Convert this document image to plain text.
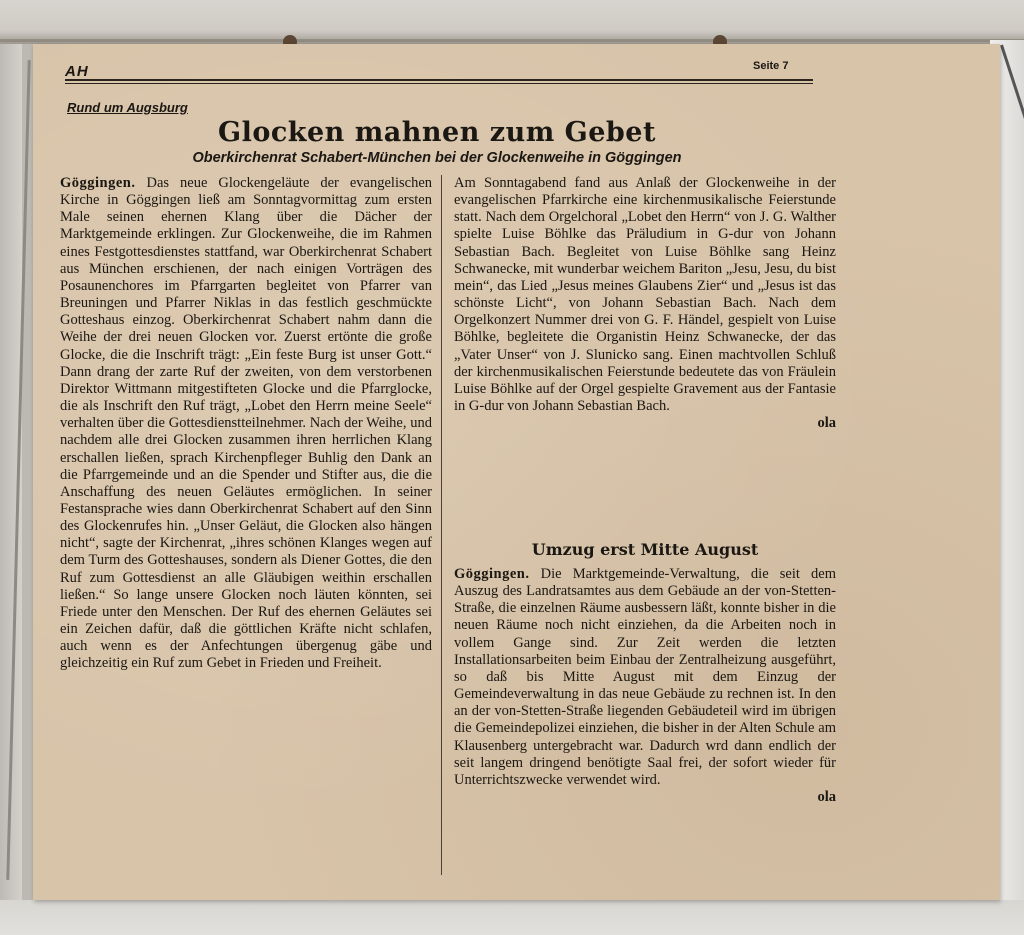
AH	Seite 7
Rund um Augsburg
Glocken mahnen zum Gebet
Oberkirchenrat Schabert-München bei der Glockenweihe in Göggingen
Göggingen. Das neue Glockengeläute der evangelischen Kirche in Göggingen ließ am Sonntagvormittag zum ersten Male seinen ehernen Klang über die Dächer der Marktgemeinde erklingen. Zur Glockenweihe, die im Rahmen eines Festgottesdienstes stattfand, war Oberkirchenrat Schabert aus München erschienen, der nach einigen Vorträgen des Posaunenchores im Pfarrgarten begleitet von Pfarrer van Breuningen und Pfarrer Niklas in das festlich geschmückte Gotteshaus einzog. Oberkirchenrat Schabert nahm dann die Weihe der drei neuen Glocken vor. Zuerst ertönte die große Glocke, die die Inschrift trägt: „Ein feste Burg ist unser Gott.“ Dann drang der zarte Ruf der zweiten, von dem verstorbenen Direktor Wittmann mitgestifteten Glocke und die Pfarrglocke, die als Inschrift den Ruf trägt, „Lobet den Herrn meine Seele“ verhalten über die Gottesdienstteilnehmer. Nach der Weihe, und nachdem alle drei Glocken zusammen ihren herrlichen Klang erschallen ließen, sprach Kirchenpfleger Buhlig den Dank an die Pfarrgemeinde und an die Spender und Stifter aus, die die Anschaffung des neuen Geläutes ermöglichen. In seiner Festansprache wies dann Oberkirchenrat Schabert auf den Sinn des Glockenrufes hin. „Unser Geläut, die Glocken also hängen nicht“, sagte der Kirchenrat, „ihres schönen Klanges wegen auf dem Turm des Gotteshauses, sondern als Diener Gottes, die den Ruf zum Gottesdienst an alle Gläubigen weithin erschallen ließen.“ So lange unsere Glocken noch läuten könnten, sei Friede unter den Menschen. Der Ruf des ehernen Geläutes sei ein Zeichen dafür, daß die göttlichen Kräfte nicht schlafen, auch wenn es der Anfechtungen übergenug gäbe und gleichzeitig ein Ruf zum Gebet in Frieden und Freiheit.
Am Sonntagabend fand aus Anlaß der Glockenweihe in der evangelischen Pfarrkirche eine kirchenmusikalische Feierstunde statt. Nach dem Orgelchoral „Lobet den Herrn“ von J. G. Walther spielte Luise Böhlke das Präludium in G-dur von Johann Sebastian Bach. Begleitet von Luise Böhlke sang Heinz Schwanecke, mit wunderbar weichem Bariton „Jesu, Jesu, du bist mein“, das Lied „Jesus meines Glaubens Zier“ und „Jesus ist das schönste Licht“, von Johann Sebastian Bach. Nach dem Orgelkonzert Nummer drei von G. F. Händel, gespielt von Luise Böhlke, begleitete die Organistin Heinz Schwanecke, der das „Vater Unser“ von J. Slunicko sang. Einen machtvollen Schluß der kirchenmusikalischen Feierstunde bedeutete das von Fräulein Luise Böhlke auf der Orgel gespielte Gravement aus der Fantasie in G-dur von Johann Sebastian Bach.
ola
Umzug erst Mitte August
Göggingen. Die Marktgemeinde-Verwaltung, die seit dem Auszug des Landratsamtes aus dem Gebäude an der von-Stetten-Straße, die einzelnen Räume ausbessern läßt, konnte bisher in die neuen Räume noch nicht einziehen, da die Arbeiten noch in vollem Gange sind. Zur Zeit werden die letzten Installationsarbeiten beim Einbau der Zentralheizung ausgeführt, so daß bis Mitte August mit dem Einzug der Gemeindeverwaltung in das neue Gebäude zu rechnen ist. In den an der von-Stetten-Straße liegenden Gebäudeteil wird im übrigen die Gemeindepolizei einziehen, die bisher in der Alten Schule am Klausenberg untergebracht war. Dadurch wrd dann endlich der seit langem dringend benötigte Saal frei, der sofort wieder für Unterrichtszwecke verwendet wird.
ola
